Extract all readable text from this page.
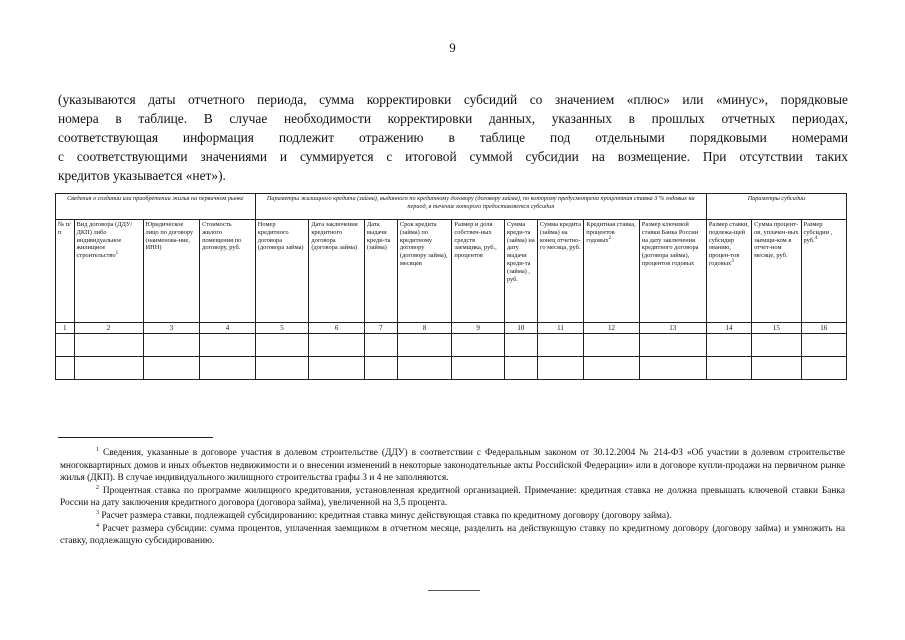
9
(указываются даты отчетного периода, сумма корректировки субсидий со значением «плюс» или «минус», порядковые
номера в таблице. В случае необходимости корректировки данных, указанных в прошлых отчетных периодах,
соответствующая информация подлежит отражению в таблице под отдельными порядковыми номерами
с соответствующими значениями и суммируется с итоговой суммой субсидии на возмещение. При отсутствии таких
кредитов указывается «нет»).
Сведения о создании или приобретении жилья на первичном рынке				Параметры жилищного кредита (займа), выданного по кредитному договору (договору займа), по которому предусмотрена процентная ставка 3 % годовых на период, в течение которого предоставляется субсидия									Параметры субсидии		
№ п/ п	Вид договора (ДДУ/ДКП) либо индивидуальное жилищное строительство$^1$	Юридическое лицо по договору (наименова-ние, ИНН)	Стоимость жилого помещения по договору, руб.	Номер кредитного договора (договора займа)	Дата заключения кредитного договора (договора займа)	Дата выдачи креди-та (займа)	Срок кредита (займа) по кредитному договору (договору займа), месяцев	Размер и доля собствен-ных средств заемщика, руб., процентов	Сумма креди-та (займа) на дату выдачи креди-та (займа) , руб.	Сумма кредита (займа) на конец отчетно-го месяца, руб.	Кредитная ставка, процентов годовых$^2$	Размер ключевой ставки Банка России на дату заключения кредитного договора (договора займа), процентов годовых	Размер ставки, подлежа-щей субсидир ованию, процен-тов годовых$^3$	Сумма процент-ов, уплачен-ных заемщи-ком в отчет-ном месяце, руб.	Размер субсидии , руб.$^4$
1	2	3	4	5	6	7	8	9	10	11	12	13	14	15	16

$^1$ Сведения, указанные в договоре участия в долевом строительстве (ДДУ) в соответствии с Федеральным законом от 30.12.2004 № 214-ФЗ «Об участии в долевом строительстве многоквартирных домов и иных объектов недвижимости и о внесении изменений в некоторые законодательные акты Российской Федерации» или в договоре купли-продажи на первичном рынке жилья (ДКП). В случае индивидуального жилищного строительства графы 3 и 4 не заполняются.

$^2$ Процентная ставка по программе жилищного кредитования, установленная кредитной организацией. Примечание: кредитная ставка не должна превышать ключевой ставки Банка России на дату заключения кредитного договора (договора займа), увеличенной на 3,5 процента.

$^3$ Расчет размера ставки, подлежащей субсидированию: кредитная ставка минус действующая ставка по кредитному договору (договору займа).

$^4$ Расчет размера субсидии: сумма процентов, уплаченная заемщиком в отчетном месяце, разделить на действующую ставку по кредитному договору (договору займа) и умножить на ставку, подлежащую субсидированию.
